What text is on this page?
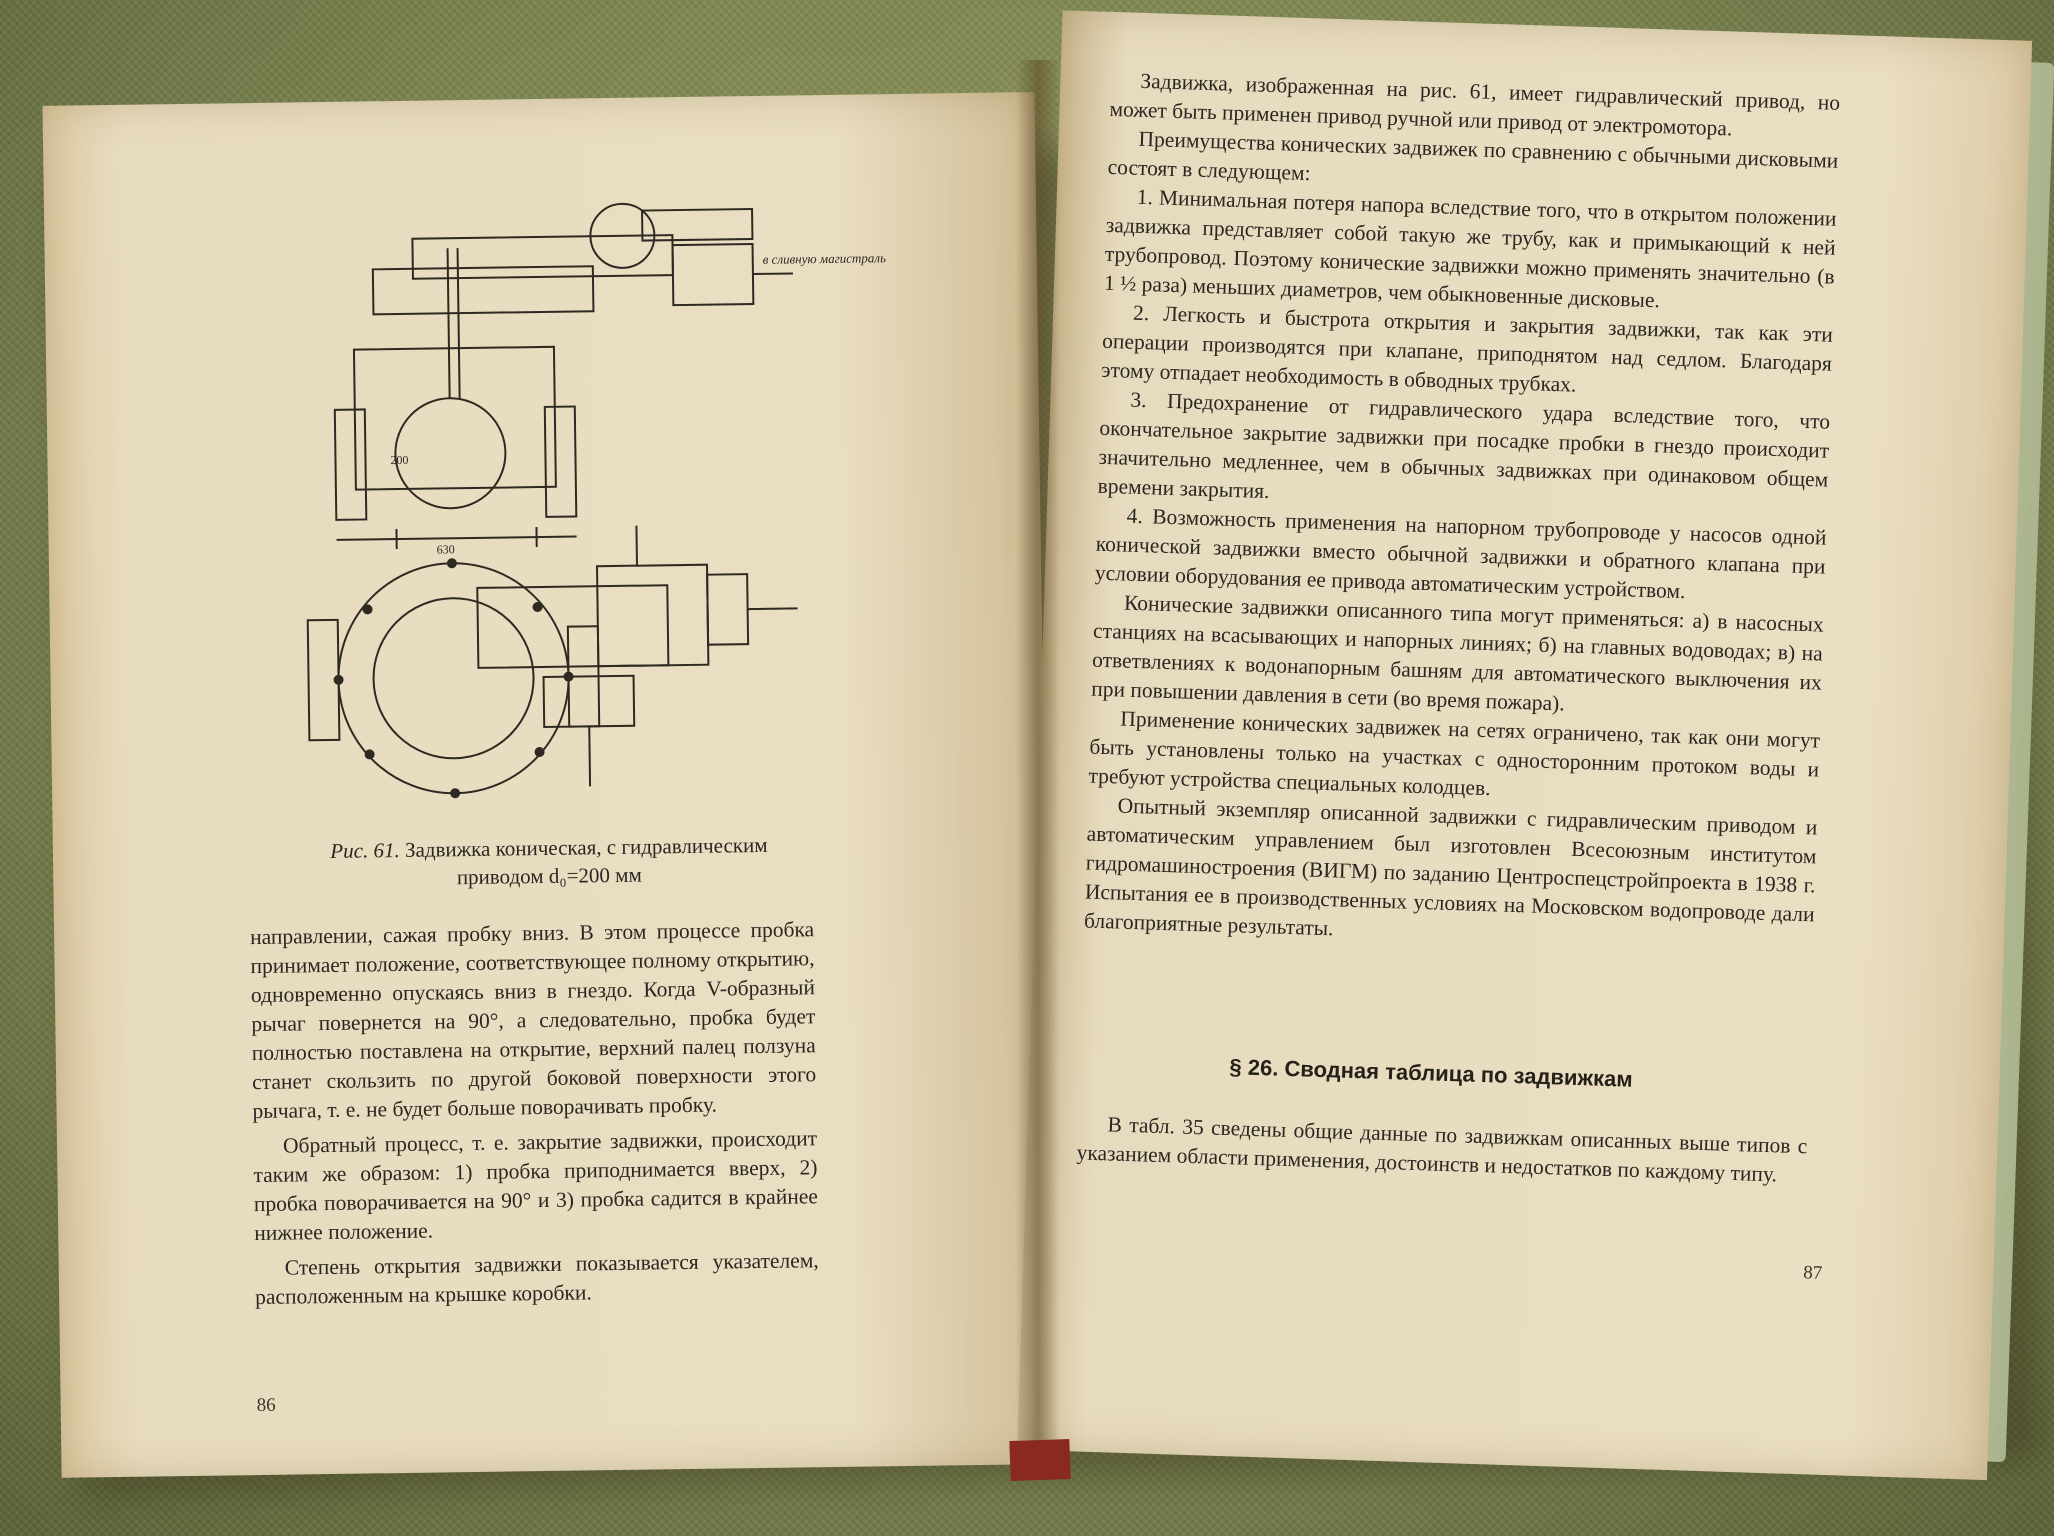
в сливную магистраль
200
630
Рис. 61. Задвижка коническая, с гидравлическим
приводом d₀=200 мм

направлении, сажая пробку вниз. В этом процессе пробка принимает положение, соответствующее полному открытию, одновременно опускаясь вниз в гнездо. Когда V-образный рычаг повернется на 90°, а следовательно, пробка будет полностью поставлена на открытие, верхний палец ползуна станет скользить по другой боковой поверхности этого рычага, т. е. не будет больше поворачивать пробку.

Обратный процесс, т. е. закрытие задвижки, происходит таким же образом: 1) пробка приподнимается вверх, 2) пробка поворачивается на 90° и 3) пробка садится в крайнее нижнее положение.

Степень открытия задвижки показывается указателем, расположенным на крышке коробки.

86

Задвижка, изображенная на рис. 61, имеет гидравлический привод, но может быть применен привод ручной или привод от электромотора.

Преимущества конических задвижек по сравнению с обычными дисковыми состоят в следующем:

1. Минимальная потеря напора вследствие того, что в открытом положении задвижка представляет собой такую же трубу, как и примыкающий к ней трубопровод. Поэтому конические задвижки можно применять значительно (в 1 ½ раза) меньших диаметров, чем обыкновенные дисковые.

2. Легкость и быстрота открытия и закрытия задвижки, так как эти операции производятся при клапане, приподнятом над седлом. Благодаря этому отпадает необходимость в обводных трубках.

3. Предохранение от гидравлического удара вследствие того, что окончательное закрытие задвижки при посадке пробки в гнездо происходит значительно медленнее, чем в обычных задвижках при одинаковом общем времени закрытия.

4. Возможность применения на напорном трубопроводе у насосов одной конической задвижки вместо обычной задвижки и обратного клапана при условии оборудования ее привода автоматическим устройством.

Конические задвижки описанного типа могут применяться: а) в насосных станциях на всасывающих и напорных линиях; б) на главных водоводах; в) на ответвлениях к водонапорным башням для автоматического выключения их при повышении давления в сети (во время пожара).

Применение конических задвижек на сетях ограничено, так как они могут быть установлены только на участках с односторонним протоком воды и требуют устройства специальных колодцев.

Опытный экземпляр описанной задвижки с гидравлическим приводом и автоматическим управлением был изготовлен Всесоюзным институтом гидромашиностроения (ВИГМ) по заданию Центроспецстройпроекта в 1938 г. Испытания ее в производственных условиях на Московском водопроводе дали благоприятные результаты.

§ 26. Сводная таблица по задвижкам

В табл. 35 сведены общие данные по задвижкам описанных выше типов с указанием области применения, достоинств и недостатков по каждому типу.

87
